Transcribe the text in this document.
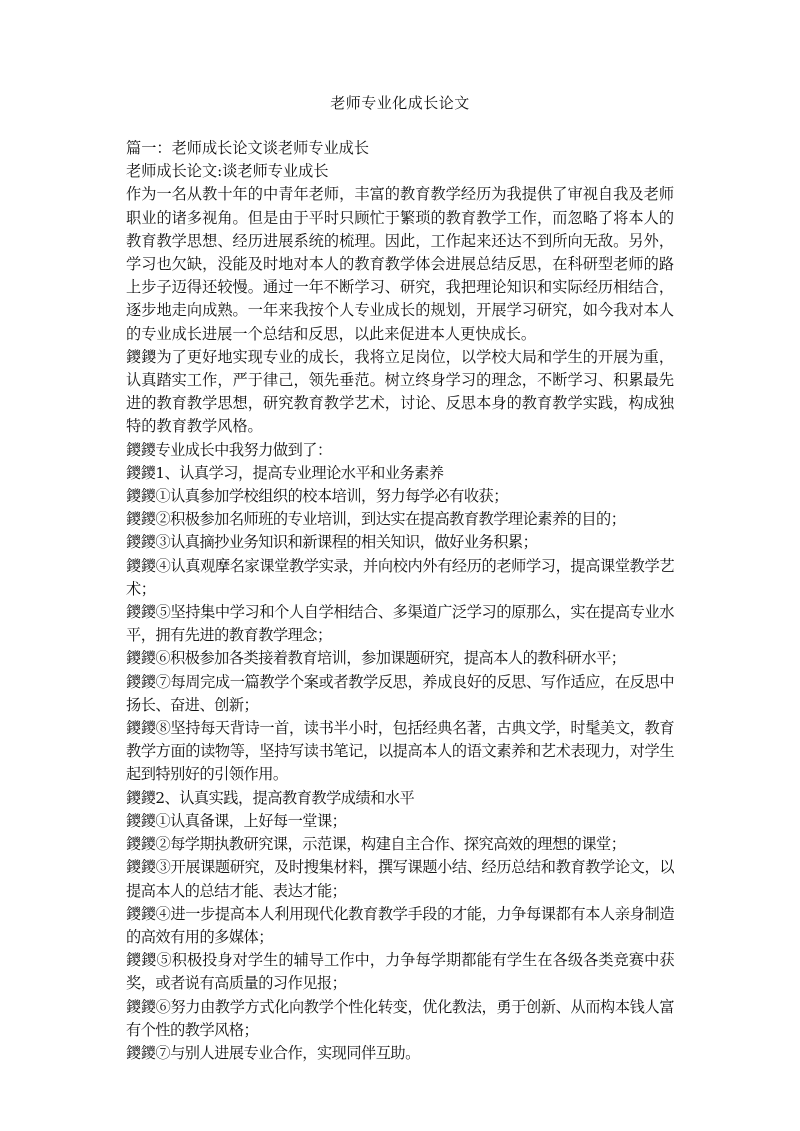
老师专业化成长论文

篇一：老师成长论文谈老师专业成长

老师成长论文:谈老师专业成长

作为一名从教十年的中青年老师，丰富的教育教学经历为我提供了审视自我及老师职业的诸多视角。但是由于平时只顾忙于繁琐的教育教学工作，而忽略了将本人的教育教学思想、经历进展系统的梳理。因此，工作起来还达不到所向无敌。另外，学习也欠缺，没能及时地对本人的教育教学体会进展总结反思，在科研型老师的路上步子迈得还较慢。通过一年不断学习、研究，我把理论知识和实际经历相结合，逐步地走向成熟。一年来我按个人专业成长的规划，开展学习研究，如今我对本人的专业成长进展一个总结和反思，以此来促进本人更快成长。

鑁鑁为了更好地实现专业的成长，我将立足岗位，以学校大局和学生的开展为重，认真踏实工作，严于律己，领先垂范。树立终身学习的理念，不断学习、积累最先进的教育教学思想，研究教育教学艺术，讨论、反思本身的教育教学实践，构成独特的教育教学风格。

鑁鑁专业成长中我努力做到了：

鑁鑁1、认真学习，提高专业理论水平和业务素养

鑁鑁①认真参加学校组织的校本培训，努力每学必有收获；

鑁鑁②积极参加名师班的专业培训，到达实在提高教育教学理论素养的目的；

鑁鑁③认真摘抄业务知识和新课程的相关知识，做好业务积累；

鑁鑁④认真观摩名家课堂教学实录，并向校内外有经历的老师学习，提高课堂教学艺术；

鑁鑁⑤坚持集中学习和个人自学相结合、多渠道广泛学习的原那么，实在提高专业水平，拥有先进的教育教学理念；

鑁鑁⑥积极参加各类接着教育培训，参加课题研究，提高本人的教科研水平；

鑁鑁⑦每周完成一篇教学个案或者教学反思，养成良好的反思、写作适应，在反思中扬长、奋进、创新；

鑁鑁⑧坚持每天背诗一首，读书半小时，包括经典名著，古典文学，时髦美文，教育教学方面的读物等，坚持写读书笔记，以提高本人的语文素养和艺术表现力，对学生起到特别好的引领作用。

鑁鑁2、认真实践，提高教育教学成绩和水平

鑁鑁①认真备课，上好每一堂课；

鑁鑁②每学期执教研究课，示范课，构建自主合作、探究高效的理想的课堂；

鑁鑁③开展课题研究，及时搜集材料，撰写课题小结、经历总结和教育教学论文，以提高本人的总结才能、表达才能；

鑁鑁④进一步提高本人利用现代化教育教学手段的才能，力争每课都有本人亲身制造的高效有用的多媒体；

鑁鑁⑤积极投身对学生的辅导工作中，力争每学期都能有学生在各级各类竞赛中获奖，或者说有高质量的习作见报；

鑁鑁⑥努力由教学方式化向教学个性化转变，优化教法，勇于创新、从而构本钱人富有个性的教学风格；

鑁鑁⑦与别人进展专业合作，实现同伴互助。
